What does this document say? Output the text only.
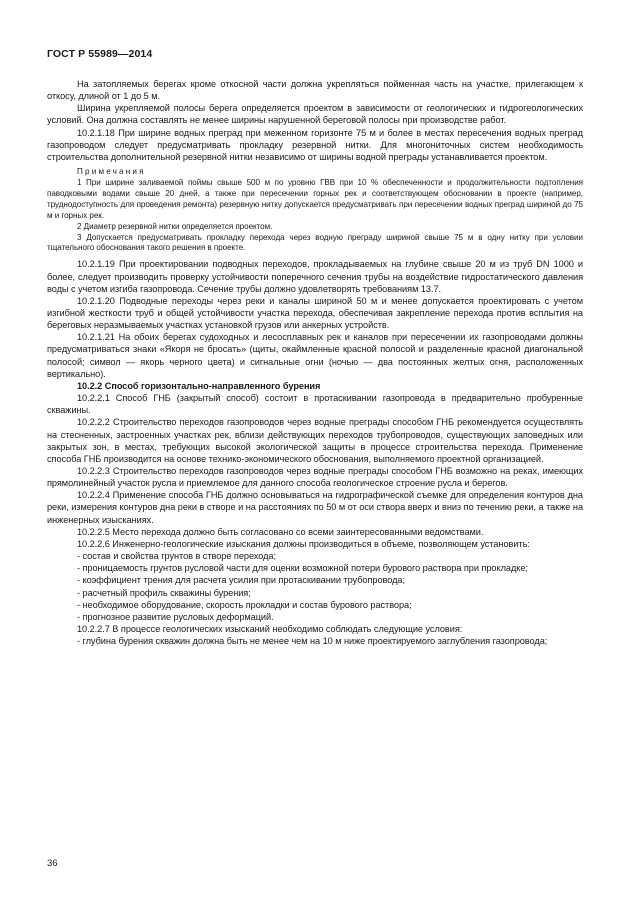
ГОСТ Р 55989—2014

На затопляемых берегах кроме откосной части должна укрепляться пойменная часть на участке, прилегающем к откосу, длиной от 1 до 5 м.

Ширина укрепляемой полосы берега определяется проектом в зависимости от геологических и гидрогеологических условий. Она должна составлять не менее ширины нарушенной береговой полосы при производстве работ.

10.2.1.18 При ширине водных преград при меженном горизонте 75 м и более в местах пересечения водных преград газопроводом следует предусматривать прокладку резервной нитки. Для многониточных систем необходимость строительства дополнительной резервной нитки независимо от ширины водной преграды устанавливается проектом.

Примечания

1 При ширине заливаемой поймы свыше 500 м по уровню ГВВ при 10 % обеспеченности и продолжительности подтопления паводковыми водами свыше 20 дней, а также при пересечении горных рек и соответствующем обосновании в проекте (например, труднодоступность для проведения ремонта) резервную нитку допускается предусматривать при пересечении водных преград шириной до 75 м и горных рек.

2 Диаметр резервной нитки определяется проектом.

3 Допускается предусматривать прокладку перехода через водную преграду шириной свыше 75 м в одну нитку при условии тщательного обоснования такого решения в проекте.

10.2.1.19 При проектировании подводных переходов, прокладываемых на глубине свыше 20 м из труб DN 1000 и более, следует производить проверку устойчивости поперечного сечения трубы на воздействие гидростатического давления воды с учетом изгиба газопровода. Сечение трубы должно удовлетворять требованиям 13.7.

10.2.1.20 Подводные переходы через реки и каналы шириной 50 м и менее допускается проектировать с учетом изгибной жесткости труб и общей устойчивости участка перехода, обеспечивая закрепление перехода против всплытия на береговых неразмываемых участках установкой грузов или анкерных устройств.

10.2.1.21 На обоих берегах судоходных и лесосплавных рек и каналов при пересечении их газопроводами должны предусматриваться знаки «Якоря не бросать» (щиты, окаймленные красной полосой и разделенные красной диагональной полосой; символ — якорь черного цвета) и сигнальные огни (ночью — два постоянных желтых огня, расположенных вертикально).

10.2.2 Способ горизонтально-направленного бурения

10.2.2.1 Способ ГНБ (закрытый способ) состоит в протаскивании газопровода в предварительно пробуренные скважины.

10.2.2.2 Строительство переходов газопроводов через водные преграды способом ГНБ рекомендуется осуществлять на стесненных, застроенных участках рек, вблизи действующих переходов трубопроводов, существующих заповедных или закрытых зон, в местах, требующих высокой экологической защиты в процессе строительства перехода. Применение способа ГНБ производится на основе технико-экономического обоснования, выполняемого проектной организацией.

10.2.2.3 Строительство переходов газопроводов через водные преграды способом ГНБ возможно на реках, имеющих прямолинейный участок русла и приемлемое для данного способа геологическое строение русла и берегов.

10.2.2.4 Применение способа ГНБ должно основываться на гидрографической съемке для определения контуров дна реки, измерения контуров дна реки в створе и на расстояниях по 50 м от оси створа вверх и вниз по течению реки, а также на инженерных изысканиях.

10.2.2.5 Место перехода должно быть согласовано со всеми заинтересованными ведомствами.

10.2.2.6 Инженерно-геологические изыскания должны производиться в объеме, позволяющем установить:

- состав и свойства грунтов в створе перехода;

- проницаемость грунтов русловой части для оценки возможной потери бурового раствора при прокладке;

- коэффициент трения для расчета усилия при протаскивании трубопровода;

- расчетный профиль скважины бурения;

- необходимое оборудование, скорость прокладки и состав бурового раствора;

- прогнозное развитие русловых деформаций.

10.2.2.7 В процессе геологических изысканий необходимо соблюдать следующие условия:

- глубина бурения скважин должна быть не менее чем на 10 м ниже проектируемого заглубления газопровода;

36
